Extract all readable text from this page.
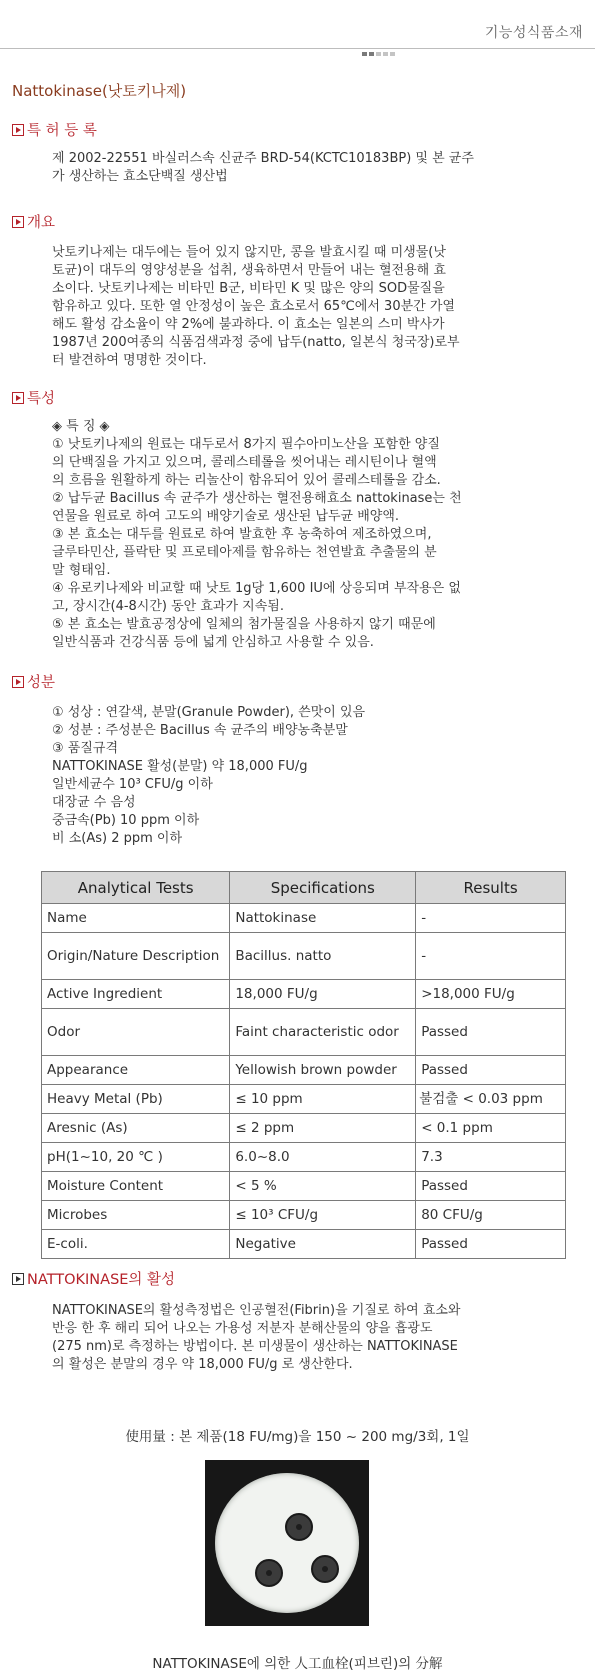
기능성식품소재
Nattokinase(낫토키나제)
특 허 등 록
제 2002-22551 바실러스속 신균주 BRD-54(KCTC10183BP) 및 본 균주
가 생산하는 효소단백질 생산법
개요
낫토키나제는 대두에는 들어 있지 않지만, 콩을 발효시킬 때 미생물(낫
토균)이 대두의 영양성분을 섭취, 생육하면서 만들어 내는 혈전용해 효
소이다. 낫토키나제는 비타민 B군, 비타민 K 및 많은 양의 SOD물질을
함유하고 있다. 또한 열 안정성이 높은 효소로서 65℃에서 30분간 가열
해도 활성 감소율이 약 2%에 불과하다. 이 효소는 일본의 스미 박사가
1987년 200여종의 식품검색과정 중에 납두(natto, 일본식 청국장)로부
터 발견하여 명명한 것이다.
특성
◈ 특 징 ◈
① 낫토키나제의 원료는 대두로서 8가지 필수아미노산을 포함한 양질
의 단백질을 가지고 있으며, 콜레스테롤을 씻어내는 레시틴이나 혈액
의 흐름을 원활하게 하는 리놀산이 함유되어 있어 콜레스테롤을 감소.
② 납두균 Bacillus 속 균주가 생산하는 혈전용해효소 nattokinase는 천
연물을 원료로 하여 고도의 배양기술로 생산된 납두균 배양액.
③ 본 효소는 대두를 원료로 하여 발효한 후 농축하여 제조하였으며,
글루타민산, 플락탄 및 프로테아제를 함유하는 천연발효 추출물의 분
말 형태임.
④ 유로키나제와 비교할 때 낫토 1g당 1,600 IU에 상응되며 부작용은 없
고, 장시간(4-8시간) 동안 효과가 지속됨.
⑤ 본 효소는 발효공정상에 일체의 첨가물질을 사용하지 않기 때문에
일반식품과 건강식품 등에 넓게 안심하고 사용할 수 있음.
성분
① 성상 : 연갈색, 분말(Granule Powder), 쓴맛이 있음
② 성분 : 주성분은 Bacillus 속 균주의 배양농축분말
③ 품질규격
NATTOKINASE 활성(분말) 약 18,000 FU/g
일반세균수 10³ CFU/g 이하
대장균 수 음성
중금속(Pb) 10 ppm 이하
비 소(As) 2 ppm 이하
Analytical Tests	Specifications	Results
Name	Nattokinase	-
Origin/Nature Description	Bacillus. natto	-
Active Ingredient	18,000 FU/g	>18,000 FU/g
Odor	Faint characteristic odor	Passed
Appearance	Yellowish brown powder	Passed
Heavy Metal (Pb)	≤ 10 ppm	불검출 < 0.03 ppm
Aresnic (As)	≤ 2 ppm	< 0.1 ppm
pH(1~10, 20 ℃ )	6.0~8.0	7.3
Moisture Content	< 5 %	Passed
Microbes	≤ 10³ CFU/g	80 CFU/g
E-coli.	Negative	Passed
NATTOKINASE의 활성
NATTOKINASE의 활성측정법은 인공혈전(Fibrin)을 기질로 하여 효소와
반응 한 후 해리 되어 나오는 가용성 저분자 분해산물의 양을 흡광도
(275 nm)로 측정하는 방법이다. 본 미생물이 생산하는 NATTOKINASE
의 활성은 분말의 경우 약 18,000 FU/g 로 생산한다.
使用量 : 본 제품(18 FU/mg)을 150 ~ 200 mg/3회, 1일
NATTOKINASE에 의한 人工血栓(피브린)의 分解
